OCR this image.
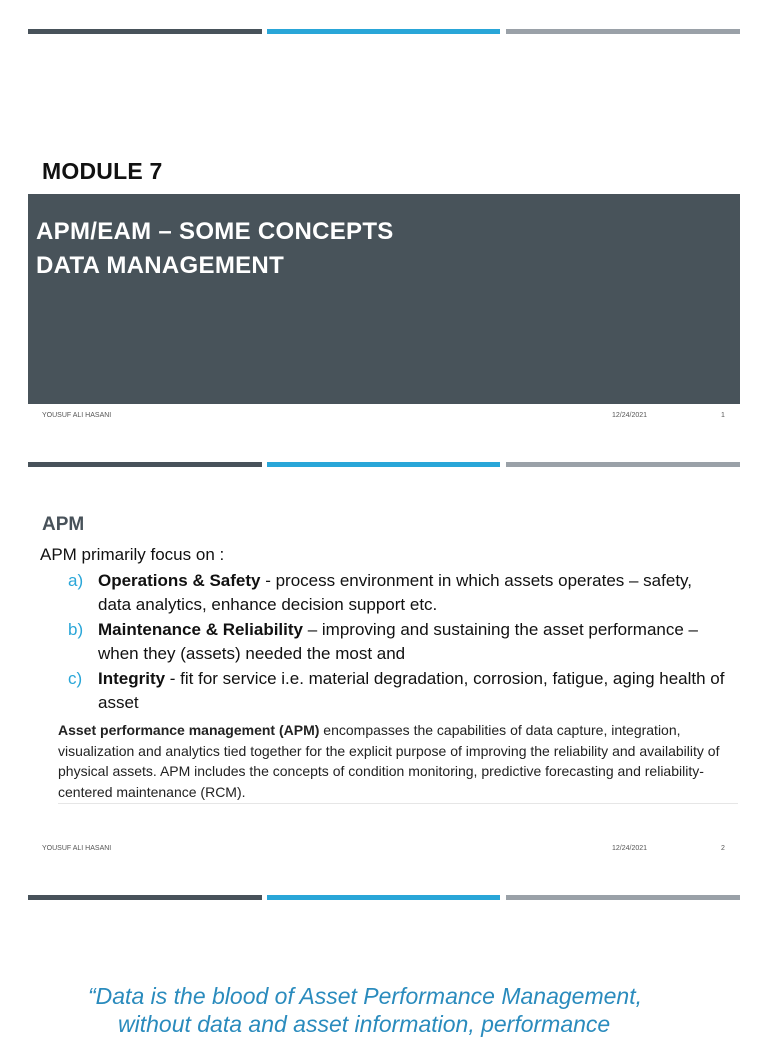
MODULE 7
APM/EAM – SOME CONCEPTS
DATA MANAGEMENT
YOUSUF ALI HASANI	12/24/2021	1
APM
APM primarily focus on :
a) Operations & Safety - process environment in which assets operates – safety, data analytics, enhance decision support etc.
b) Maintenance & Reliability – improving and sustaining the asset performance – when they (assets) needed the most and
c) Integrity - fit for service i.e. material degradation, corrosion, fatigue, aging health of asset
Asset performance management (APM) encompasses the capabilities of data capture, integration, visualization and analytics tied together for the explicit purpose of improving the reliability and availability of physical assets. APM includes the concepts of condition monitoring, predictive forecasting and reliability-centered maintenance (RCM).
YOUSUF ALI HASANI	12/24/2021	2
“Data is the blood of Asset Performance Management,
without data and asset information, performance
